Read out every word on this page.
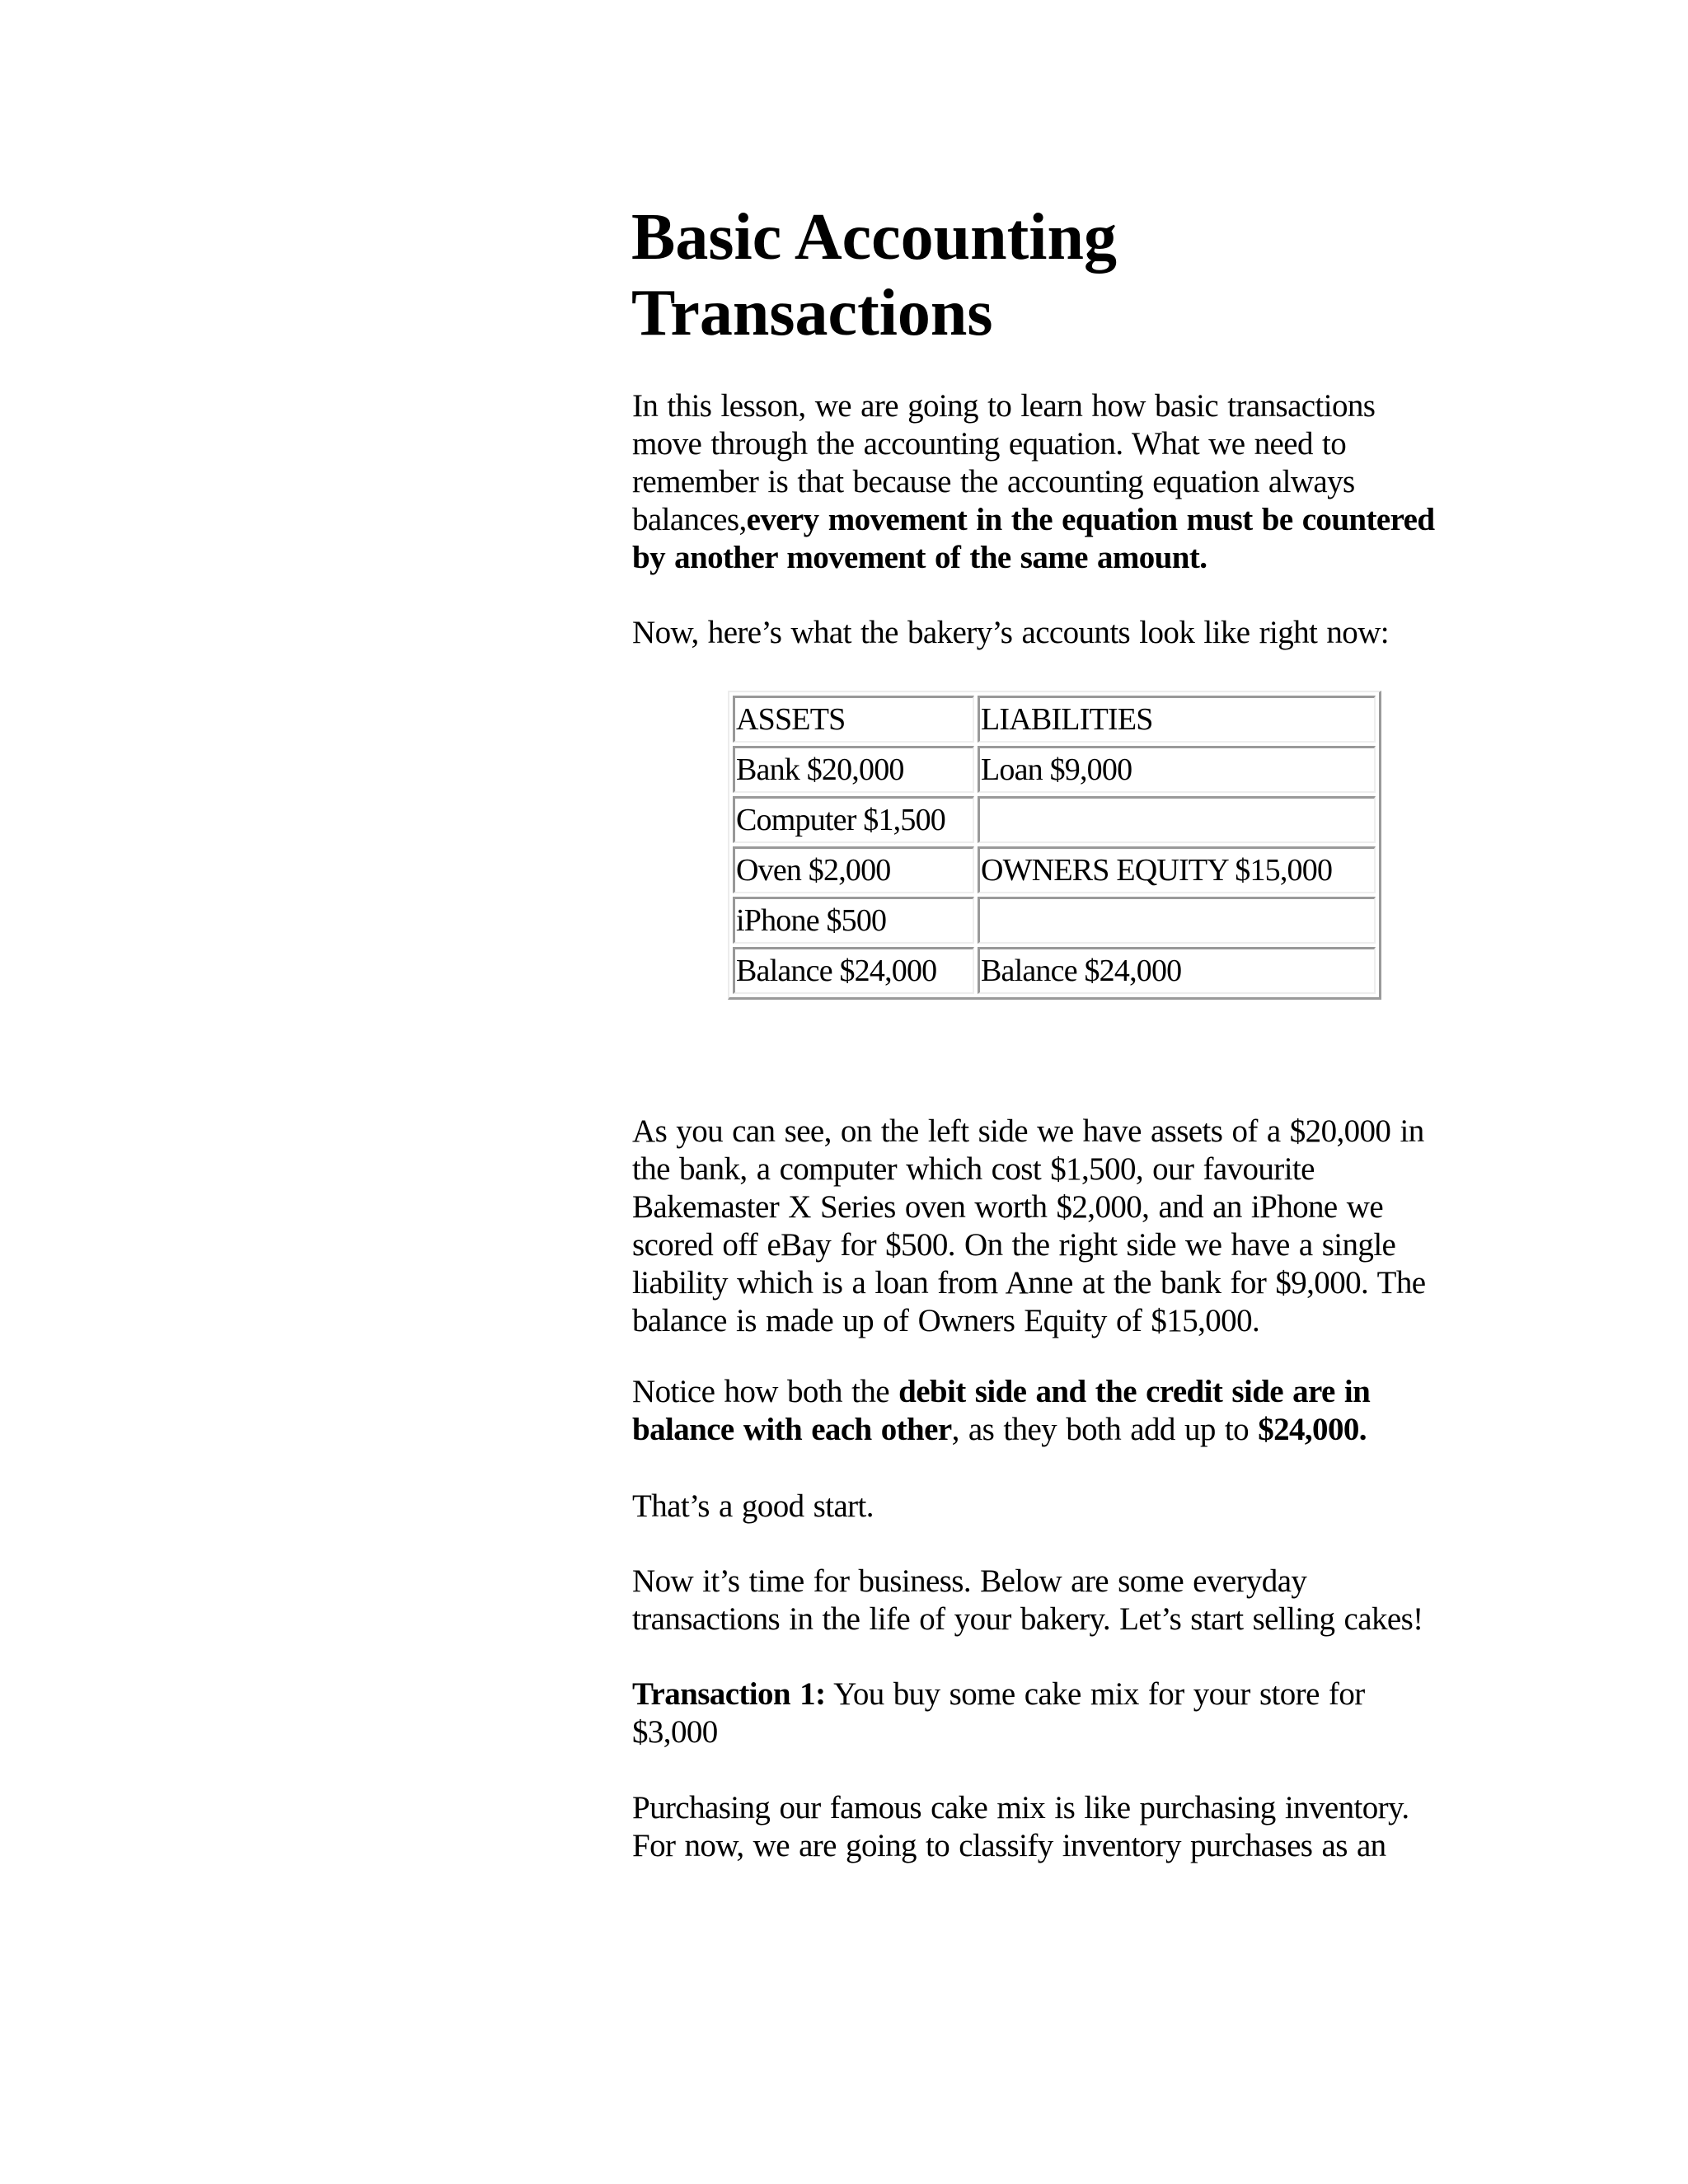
Basic Accounting
Transactions

In this lesson, we are going to learn how basic transactions
move through the accounting equation. What we need to
remember is that because the accounting equation always
balances,every movement in the equation must be countered
by another movement of the same amount.

Now, here’s what the bakery’s accounts look like right now:

ASSETS	LIABILITIES
Bank $20,000	Loan $9,000
Computer $1,500	
Oven $2,000	OWNERS EQUITY $15,000
iPhone $500	
Balance $24,000	Balance $24,000

As you can see, on the left side we have assets of a $20,000 in
the bank, a computer which cost $1,500, our favourite
Bakemaster X Series oven worth $2,000, and an iPhone we
scored off eBay for $500. On the right side we have a single
liability which is a loan from Anne at the bank for $9,000. The
balance is made up of Owners Equity of $15,000.

Notice how both the debit side and the credit side are in
balance with each other, as they both add up to $24,000.

That’s a good start.

Now it’s time for business. Below are some everyday
transactions in the life of your bakery. Let’s start selling cakes!

Transaction 1: You buy some cake mix for your store for
$3,000

Purchasing our famous cake mix is like purchasing inventory.
For now, we are going to classify inventory purchases as an
